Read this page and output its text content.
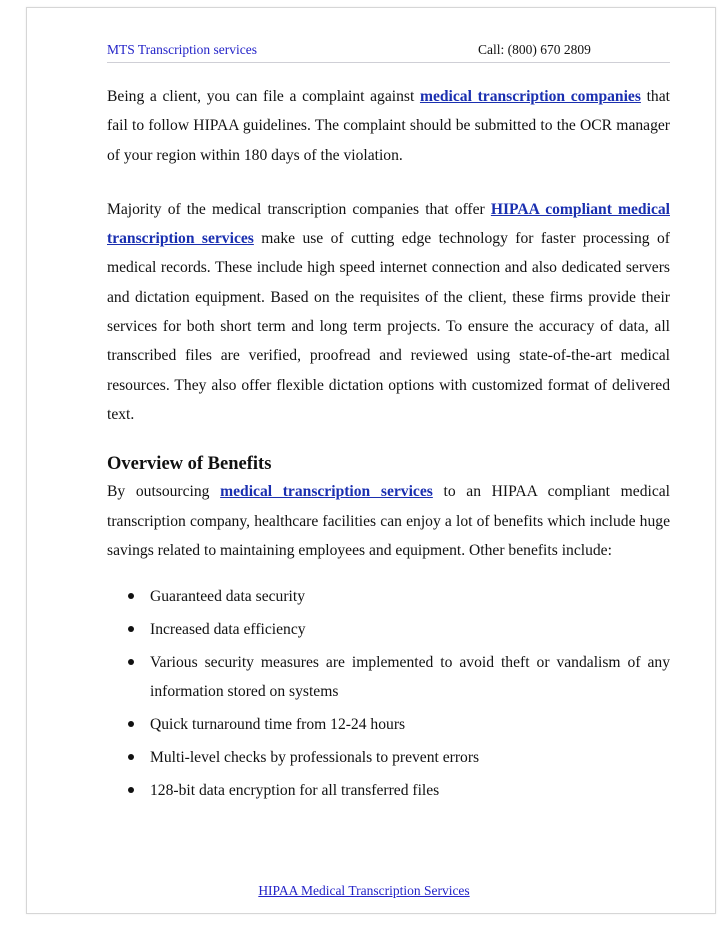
MTS Transcription services	Call: (800) 670 2809

Being a client, you can file a complaint against medical transcription companies that fail to follow HIPAA guidelines. The complaint should be submitted to the OCR manager of your region within 180 days of the violation.

Majority of the medical transcription companies that offer HIPAA compliant medical transcription services make use of cutting edge technology for faster processing of medical records. These include high speed internet connection and also dedicated servers and dictation equipment. Based on the requisites of the client, these firms provide their services for both short term and long term projects. To ensure the accuracy of data, all transcribed files are verified, proofread and reviewed using state-of-the-art medical resources. They also offer flexible dictation options with customized format of delivered text.

Overview of Benefits

By outsourcing medical transcription services to an HIPAA compliant medical transcription company, healthcare facilities can enjoy a lot of benefits which include huge savings related to maintaining employees and equipment. Other benefits include:

Guaranteed data security
Increased data efficiency
Various security measures are implemented to avoid theft or vandalism of any information stored on systems
Quick turnaround time from 12-24 hours
Multi-level checks by professionals to prevent errors
128-bit data encryption for all transferred files
HIPAA Medical Transcription Services
